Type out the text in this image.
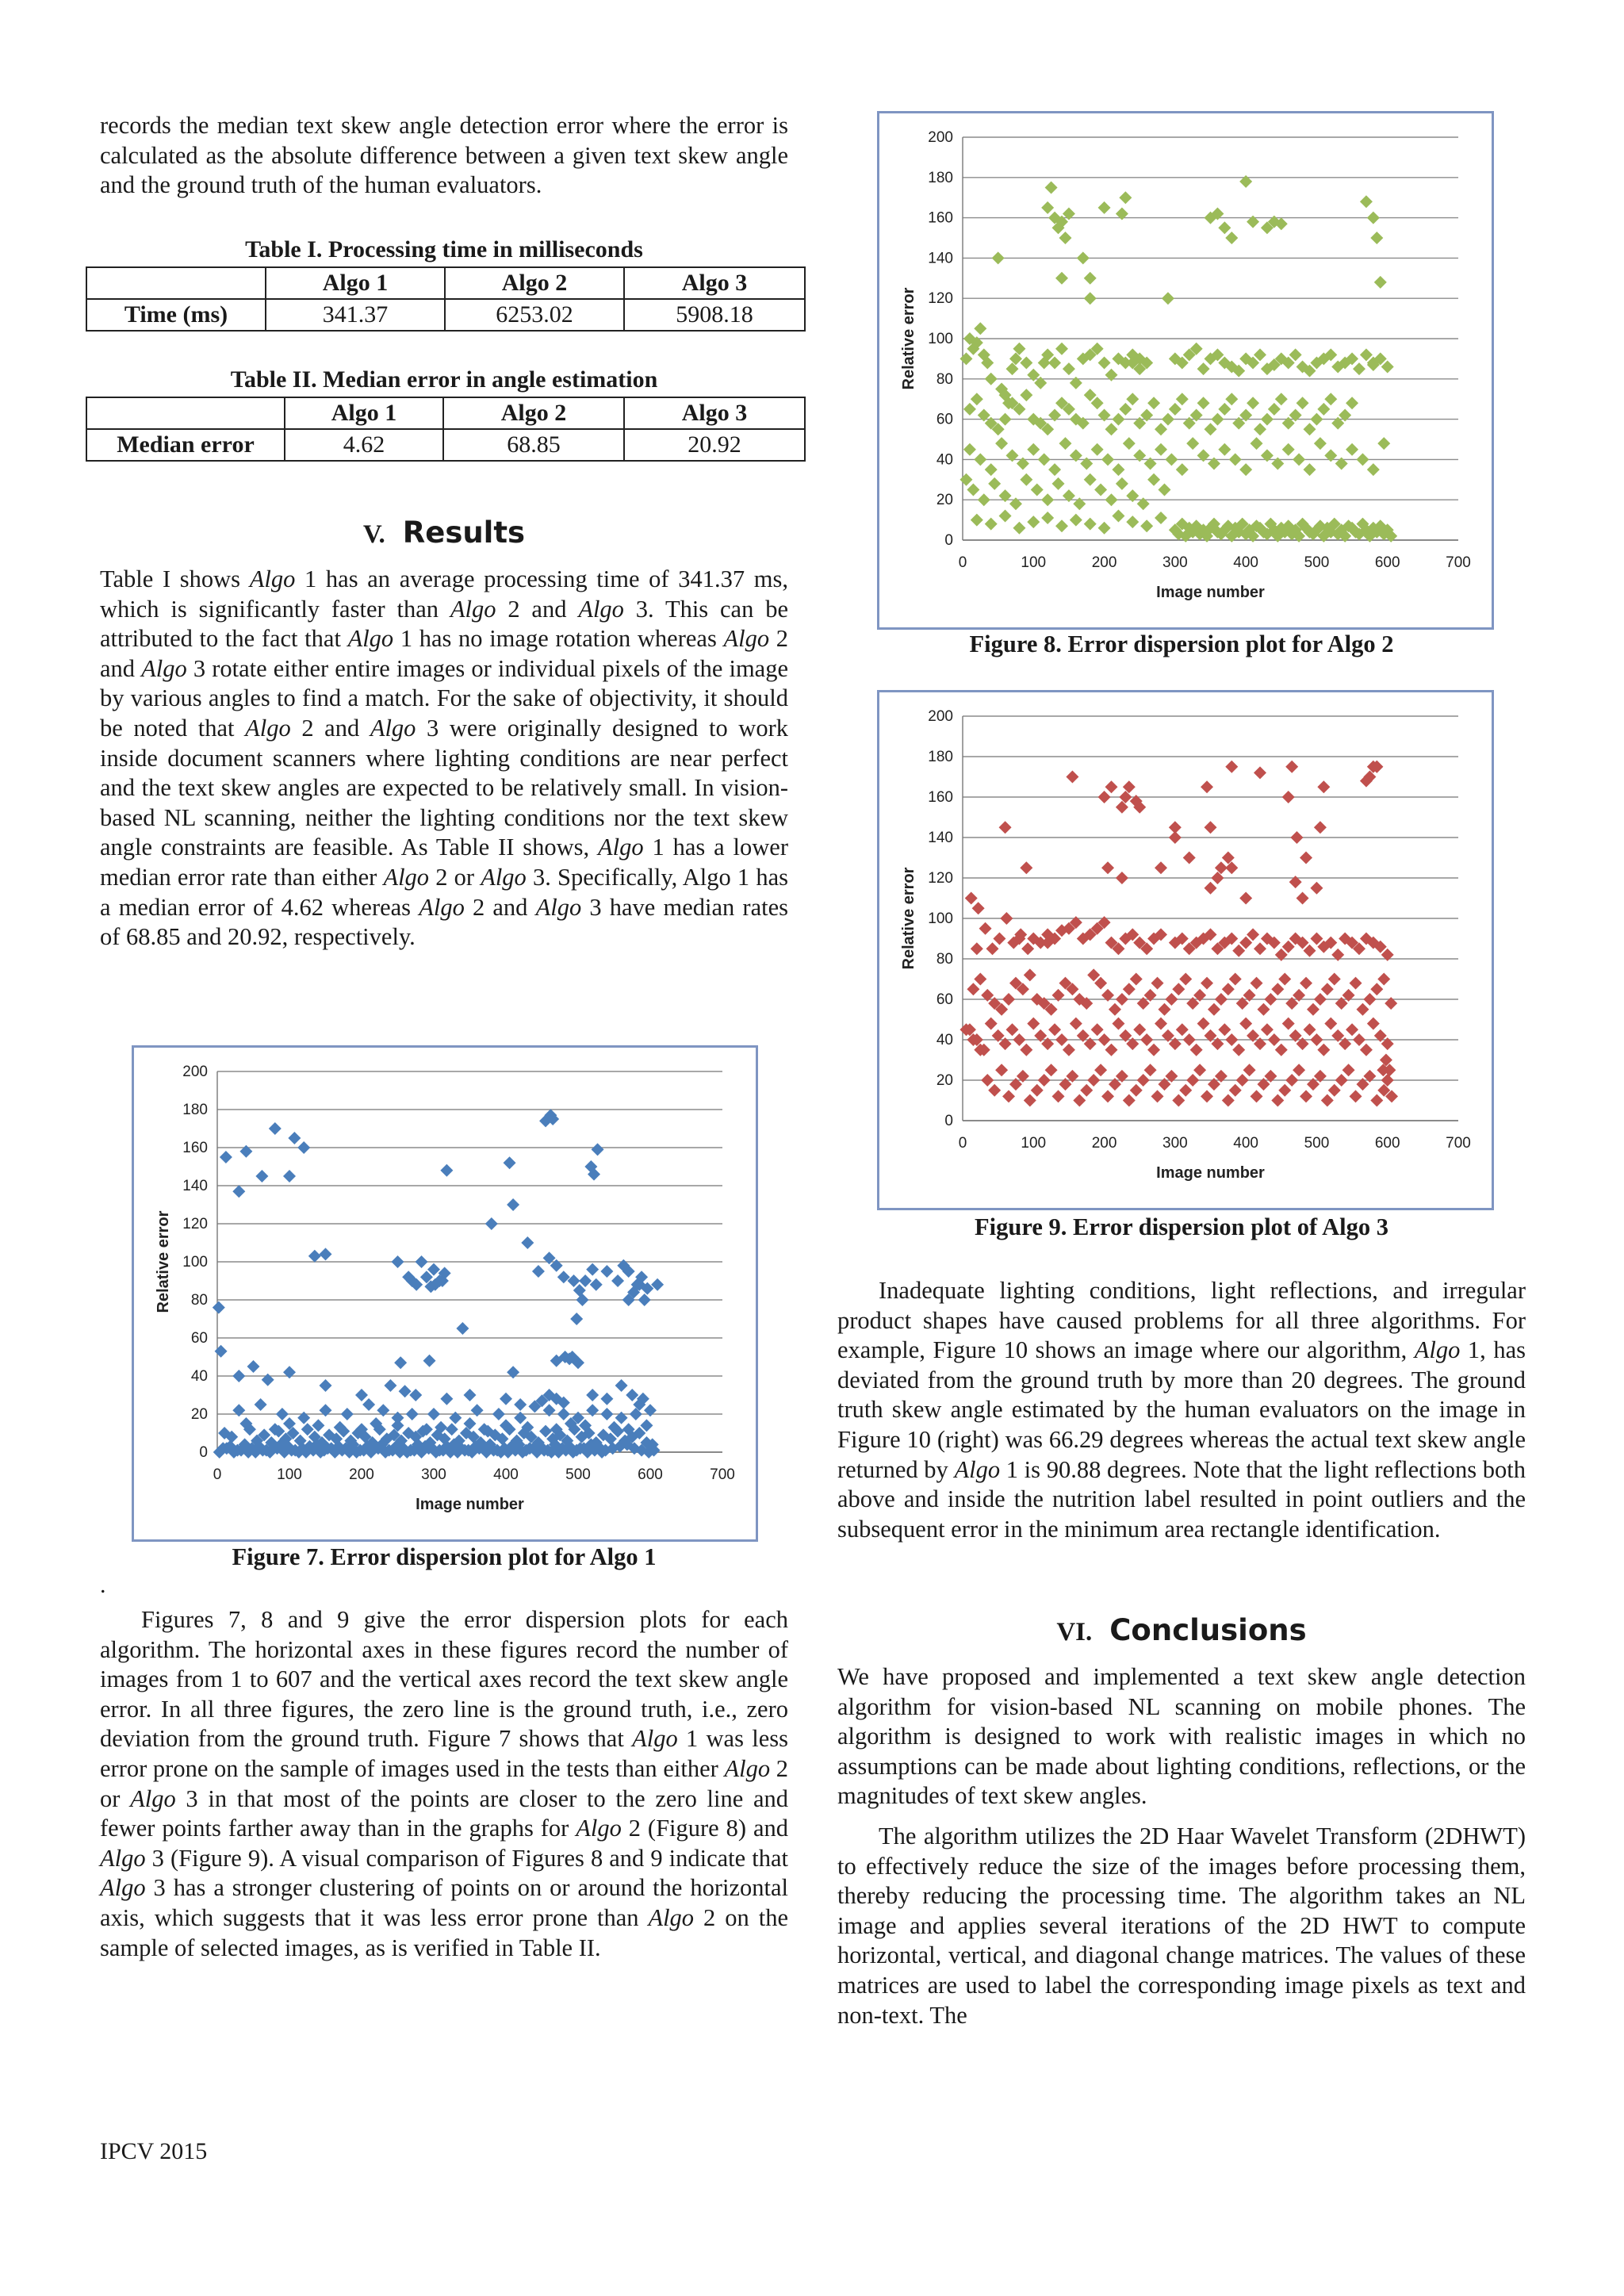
records the median text skew angle detection error where the error is calculated as the absolute difference between a given text skew angle and the ground truth of the human evaluators.

Table I. Processing time in milliseconds
	Algo 1	Algo 2	Algo 3
Time (ms)	341.37	6253.02	5908.18
Table II. Median error in angle estimation
	Algo 1	Algo 2	Algo 3
Median error	4.62	68.85	20.92
V. Results

Table I shows Algo 1 has an average processing time of 341.37 ms, which is significantly faster than Algo 2 and Algo 3. This can be attributed to the fact that Algo 1 has no image rotation whereas Algo 2 and Algo 3 rotate either entire images or individual pixels of the image by various angles to find a match. For the sake of objectivity, it should be noted that Algo 2 and Algo 3 were originally designed to work inside document scanners where lighting conditions are near perfect and the text skew angles are expected to be relatively small. In vision-based NL scanning, neither the lighting conditions nor the text skew angle constraints are feasible. As Table II shows, Algo 1 has a lower median error rate than either Algo 2 or Algo 3. Specifically, Algo 1 has a median error of 4.62 whereas Algo 2 and Algo 3 have median rates of 68.85 and 20.92, respectively.

0
20
40
60
80
100
120
140
160
180
200
0	100	200	300	400	500	600	700
Image number
Relative error
Figure 7. Error dispersion plot for Algo 1
.

Figures 7, 8 and 9 give the error dispersion plots for each algorithm. The horizontal axes in these figures record the number of images from 1 to 607 and the vertical axes record the text skew angle error. In all three figures, the zero line is the ground truth, i.e., zero deviation from the ground truth. Figure 7 shows that Algo 1 was less error prone on the sample of images used in the tests than either Algo 2 or Algo 3 in that most of the points are closer to the zero line and fewer points farther away than in the graphs for Algo 2 (Figure 8) and Algo 3 (Figure 9). A visual comparison of Figures 8 and 9 indicate that Algo 3 has a stronger clustering of points on or around the horizontal axis, which suggests that it was less error prone than Algo 2 on the sample of selected images, as is verified in Table II.

IPCV 2015
0
20
40
60
80
100
120
140
160
180
200
0	100	200	300	400	500	600	700
Image number
Relative error
Figure 8. Error dispersion plot for Algo 2
0
20
40
60
80
100
120
140
160
180
200
0	100	200	300	400	500	600	700
Image number
Relative error
Figure 9. Error dispersion plot of Algo 3

Inadequate lighting conditions, light reflections, and irregular product shapes have caused problems for all three algorithms. For example, Figure 10 shows an image where our algorithm, Algo 1, has deviated from the ground truth by more than 20 degrees. The ground truth skew angle estimated by the human evaluators on the image in Figure 10 (right) was 66.29 degrees whereas the actual text skew angle returned by Algo 1 is 90.88 degrees. Note that the light reflections both above and inside the nutrition label resulted in point outliers and the subsequent error in the minimum area rectangle identification.

VI. Conclusions

We have proposed and implemented a text skew angle detection algorithm for vision-based NL scanning on mobile phones. The algorithm is designed to work with realistic images in which no assumptions can be made about lighting conditions, reflections, or the magnitudes of text skew angles.

The algorithm utilizes the 2D Haar Wavelet Transform (2DHWT) to effectively reduce the size of the images before processing them, thereby reducing the processing time. The algorithm takes an NL image and applies several iterations of the 2D HWT to compute horizontal, vertical, and diagonal change matrices. The values of these matrices are used to label the corresponding image pixels as text and non-text. The
